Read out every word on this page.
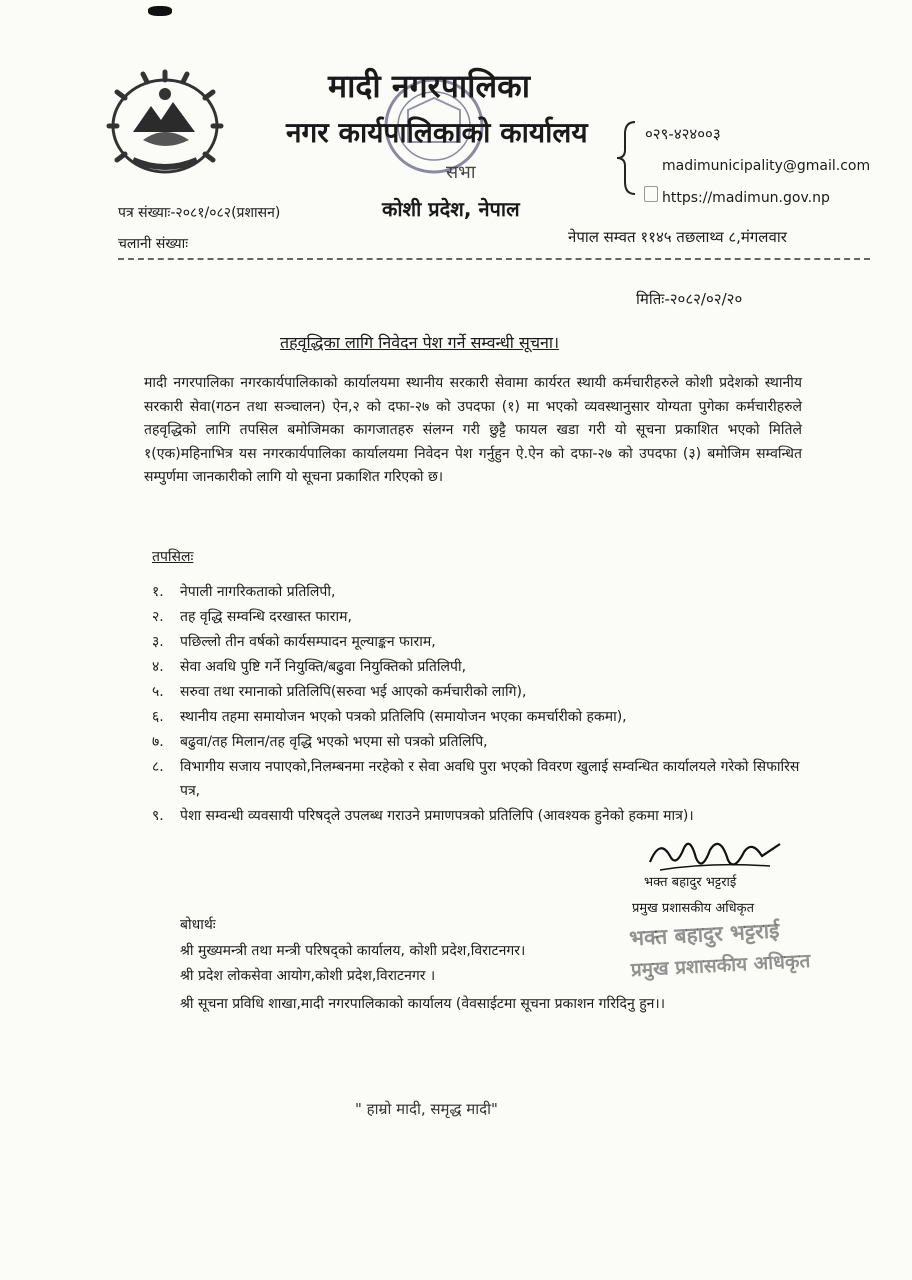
मादी नगरपालिका
नगर कार्यपालिकाको कार्यालय
सभा
कोशी प्रदेश, नेपाल
०२९-४२४००३
madimunicipality@gmail.com
https://madimun.gov.np
पत्र संख्याः-२०८१/०८२(प्रशासन)
चलानी संख्याः	नेपाल सम्वत ११४५ तछलाथ्व ८,मंगलवार
मितिः-२०८२/०२/२०
तहवृद्धिका लागि निवेदन पेश गर्ने सम्वन्धी सूचना।
मादी नगरपालिका नगरकार्यपालिकाको कार्यालयमा स्थानीय सरकारी सेवामा कार्यरत स्थायी कर्मचारीहरुले कोशी प्रदेशको स्थानीय सरकारी सेवा(गठन तथा सञ्चालन) ऐन,२ को दफा-२७ को उपदफा (१) मा भएको व्यवस्थानुसार योग्यता पुगेका कर्मचारीहरुले तहवृद्धिको लागि तपसिल बमोजिमका कागजातहरु संलग्न गरी छुट्टै फायल खडा गरी यो सूचना प्रकाशित भएको मितिले १(एक)महिनाभित्र यस नगरकार्यपालिका कार्यालयमा निवेदन पेश गर्नुहुन ऐ.ऐन को दफा-२७ को उपदफा (३) बमोजिम सम्वन्धित सम्पुर्णमा जानकारीको लागि यो सूचना प्रकाशित गरिएको छ।
तपसिलः
१.	नेपाली नागरिकताको प्रतिलिपी,
२.	तह वृद्धि सम्वन्धि दरखास्त फाराम,
३.	पछिल्लो तीन वर्षको कार्यसम्पादन मूल्याङ्कन फाराम,
४.	सेवा अवधि पुष्टि गर्ने नियुक्ति/बढुवा नियुक्तिको प्रतिलिपी,
५.	सरुवा तथा रमानाको प्रतिलिपि(सरुवा भई आएको कर्मचारीको लागि),
६.	स्थानीय तहमा समायोजन भएको पत्रको प्रतिलिपि (समायोजन भएका कमर्चारीको हकमा),
७.	बढुवा/तह मिलान/तह वृद्धि भएको भएमा सो पत्रको प्रतिलिपि,
८.	विभागीय सजाय नपाएको,निलम्बनमा नरहेको र सेवा अवधि पुरा भएको विवरण खुलाई सम्वन्धित कार्यालयले गरेको सिफारिस पत्र,
९.	पेशा सम्वन्धी व्यवसायी परिषद्ले उपलब्ध गराउने प्रमाणपत्रको प्रतिलिपि (आवश्यक हुनेको हकमा मात्र)।
भक्त बहादुर भट्टराई
प्रमुख प्रशासकीय अधिकृत
भक्त बहादुर भट्टराई
प्रमुख प्रशासकीय अधिकृत
बोधार्थः
श्री मुख्यमन्त्री तथा मन्त्री परिषद्को कार्यालय, कोशी प्रदेश,विराटनगर।
श्री प्रदेश लोकसेवा आयोग,कोशी प्रदेश,विराटनगर ।
श्री सूचना प्रविधि शाखा,मादी नगरपालिकाको कार्यालय (वेवसाईटमा सूचना प्रकाशन गरिदिनु हुन।।
" हाम्रो मादी, समृद्ध मादी"
